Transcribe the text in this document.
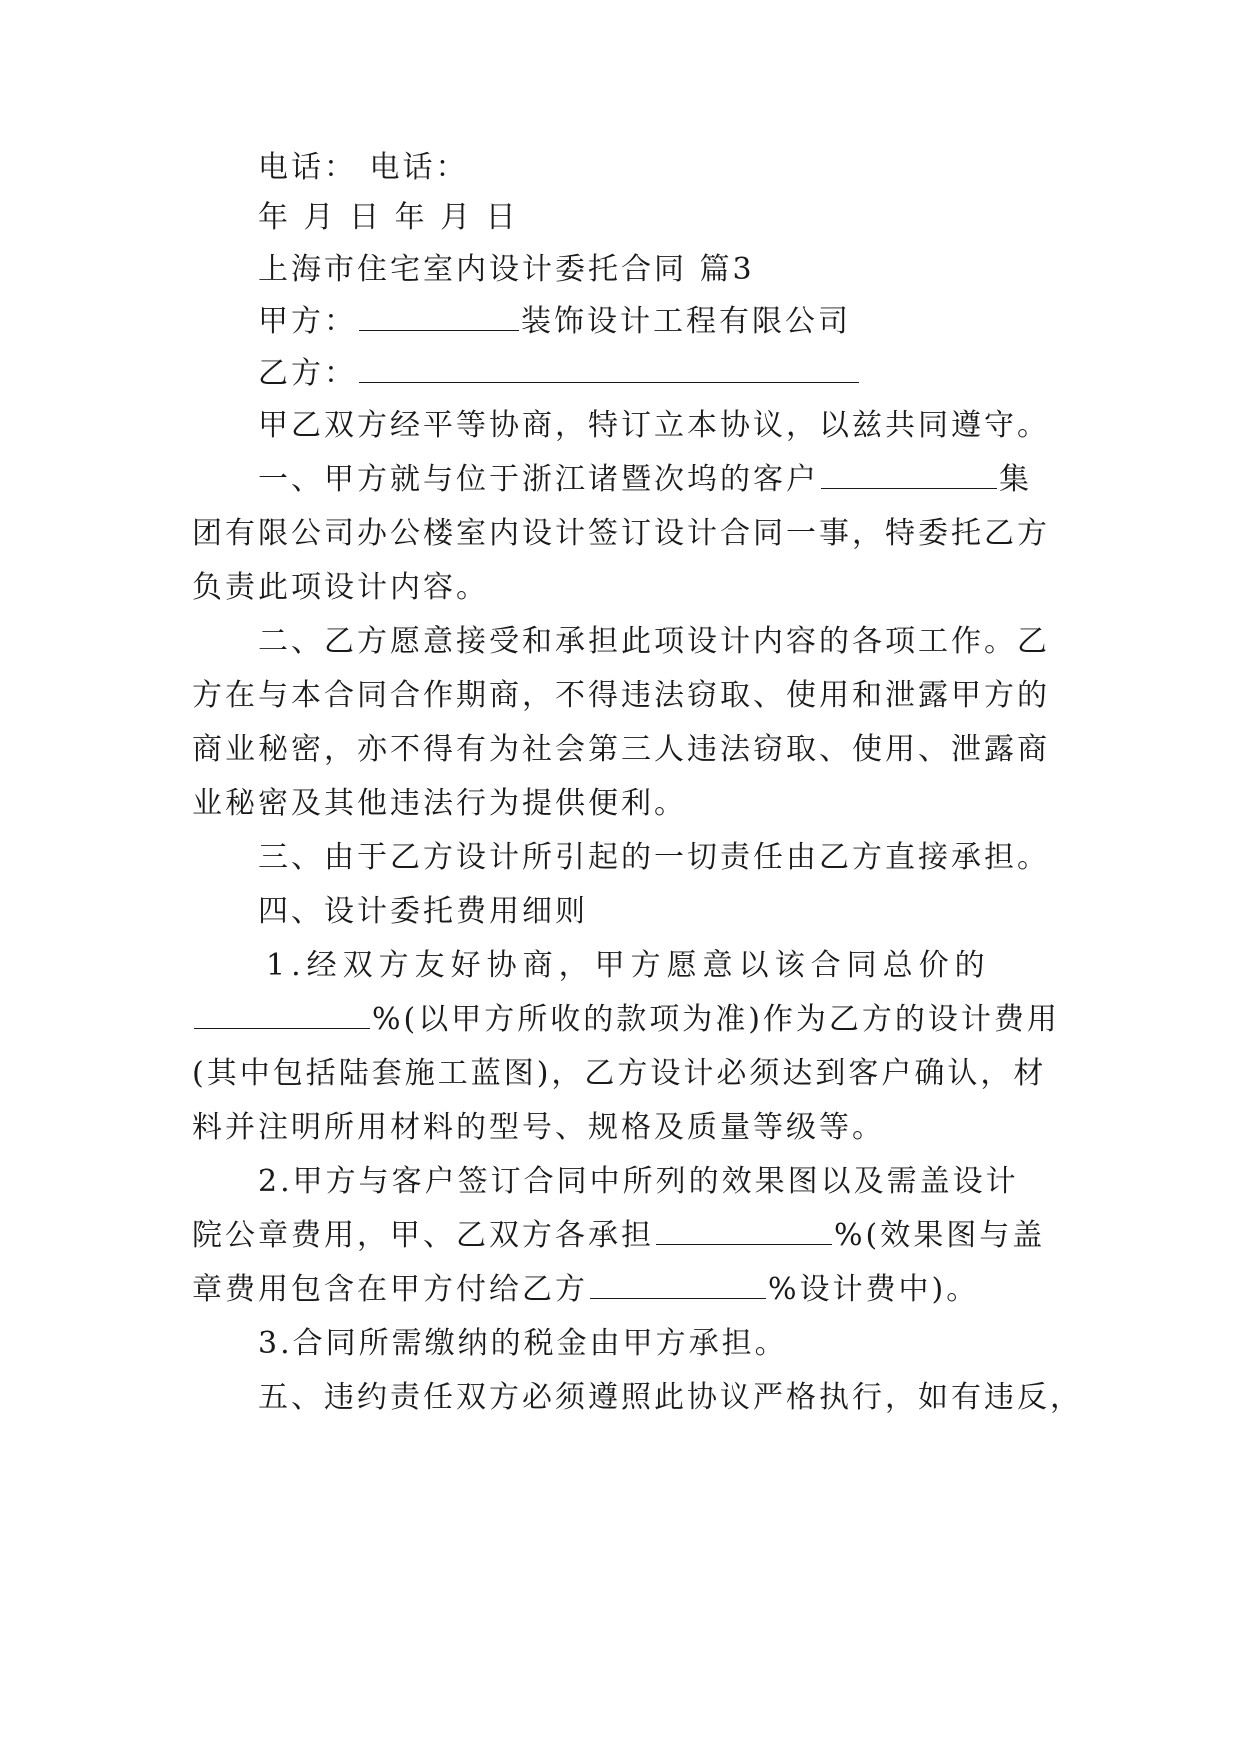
电话： 电话：
年 月 日 年 月 日
上海市住宅室内设计委托合同 篇3
甲方：	装饰设计工程有限公司
乙方：
甲乙双方经平等协商，特订立本协议，以兹共同遵守。
一、甲方就与位于浙江诸暨次坞的客户	集
团有限公司办公楼室内设计签订设计合同一事，特委托乙方
负责此项设计内容。
二、乙方愿意接受和承担此项设计内容的各项工作。乙
方在与本合同合作期商，不得违法窃取、使用和泄露甲方的
商业秘密，亦不得有为社会第三人违法窃取、使用、泄露商
业秘密及其他违法行为提供便利。
三、由于乙方设计所引起的一切责任由乙方直接承担。
四、设计委托费用细则
1.经双方友好协商，甲方愿意以该合同总价的
%(以甲方所收的款项为准)作为乙方的设计费用
(其中包括陆套施工蓝图)，乙方设计必须达到客户确认，材
料并注明所用材料的型号、规格及质量等级等。
2.甲方与客户签订合同中所列的效果图以及需盖设计
院公章费用，甲、乙双方各承担	%(效果图与盖
章费用包含在甲方付给乙方	%设计费中)。
3.合同所需缴纳的税金由甲方承担。
五、违约责任双方必须遵照此协议严格执行，如有违反，
